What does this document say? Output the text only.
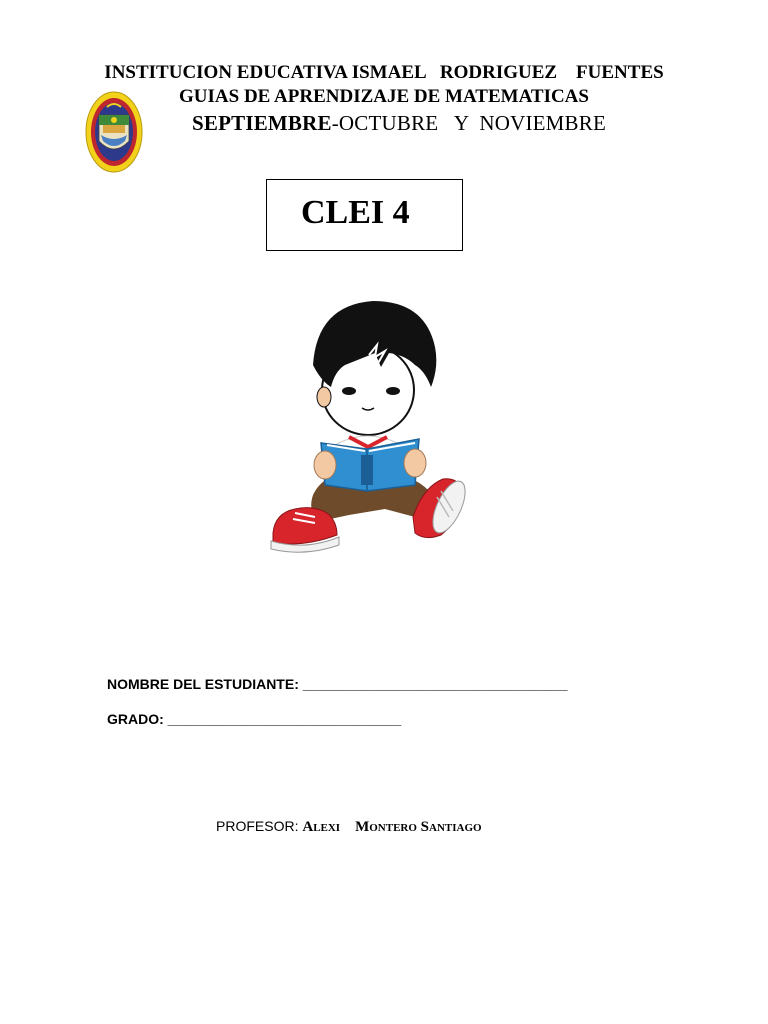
INSTITUCION EDUCATIVA ISMAEL   RODRIGUEZ    FUENTES
GUIAS DE APRENDIZAJE DE MATEMATICAS
SEPTIEMBRE-OCTUBRE   Y  NOVIEMBRE
CLEI 4
NOMBRE DEL ESTUDIANTE: __________________________________
GRADO: ______________________________
PROFESOR: Alexi    Montero Santiago
